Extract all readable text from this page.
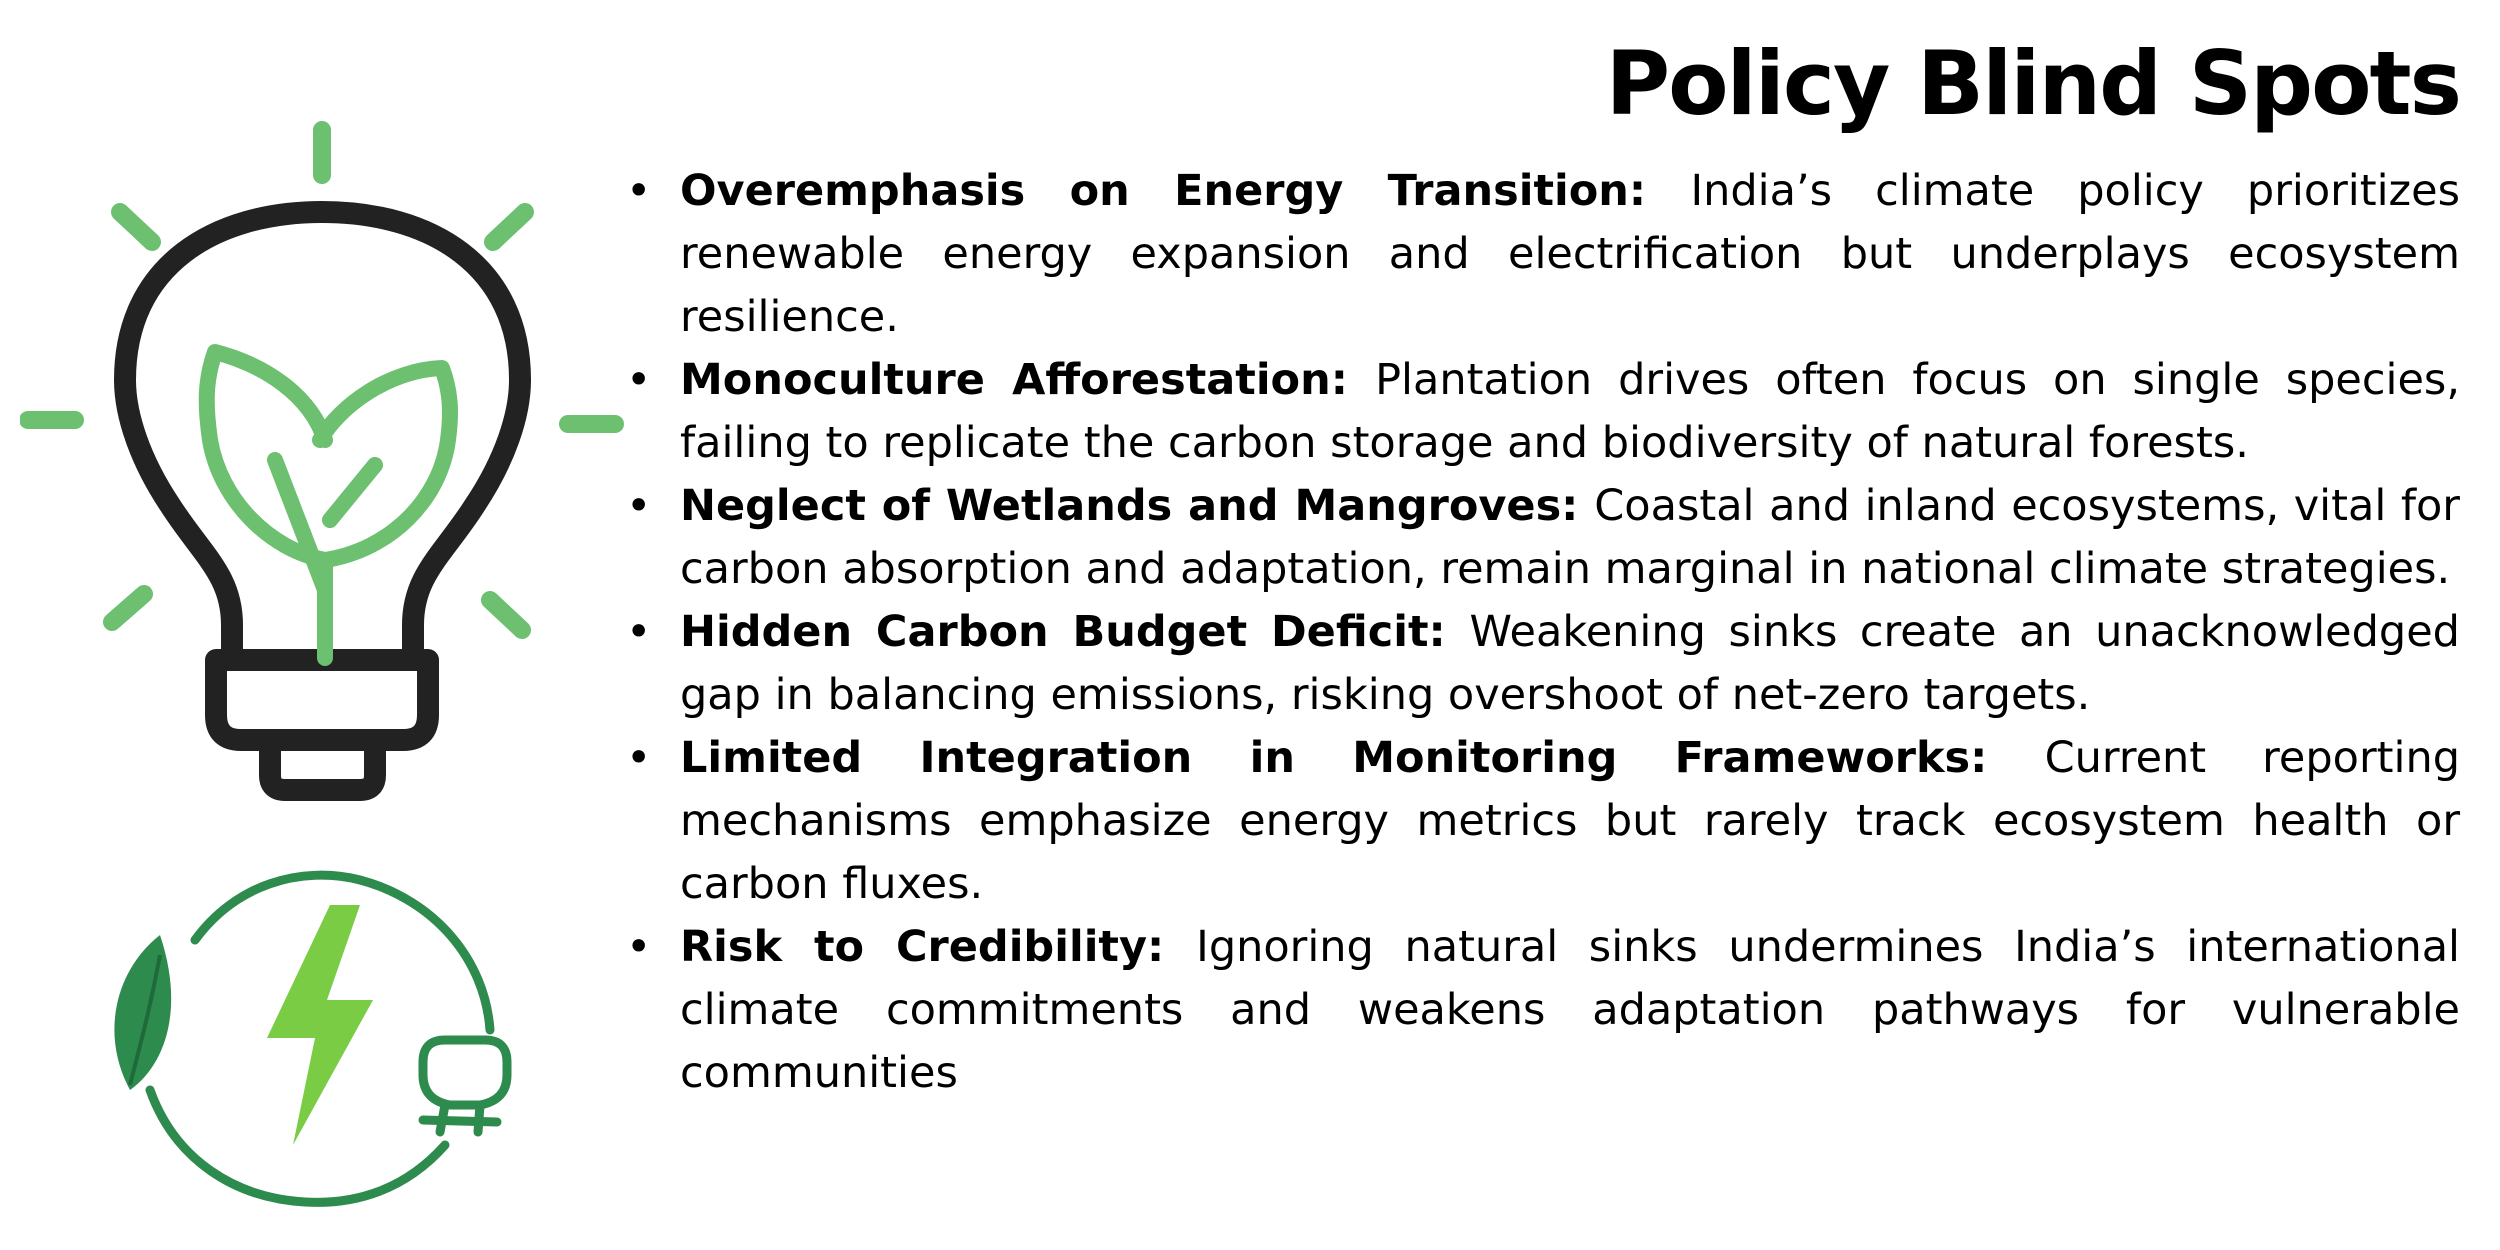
Policy Blind Spots
• Overemphasis on Energy Transition: India’s climate policy prioritizes renewable energy expansion and electrification but underplays ecosystem resilience.
• Monoculture Afforestation: Plantation drives often focus on single species, failing to replicate the carbon storage and biodiversity of natural forests.
• Neglect of Wetlands and Mangroves: Coastal and inland ecosystems, vital for carbon absorption and adaptation, remain marginal in national climate strategies.
• Hidden Carbon Budget Deficit: Weakening sinks create an unacknowledged gap in balancing emissions, risking overshoot of net-zero targets.
• Limited Integration in Monitoring Frameworks: Current reporting mechanisms emphasize energy metrics but rarely track ecosystem health or carbon fluxes.
• Risk to Credibility: Ignoring natural sinks undermines India’s international climate commitments and weakens adaptation pathways for vulnerable communities
